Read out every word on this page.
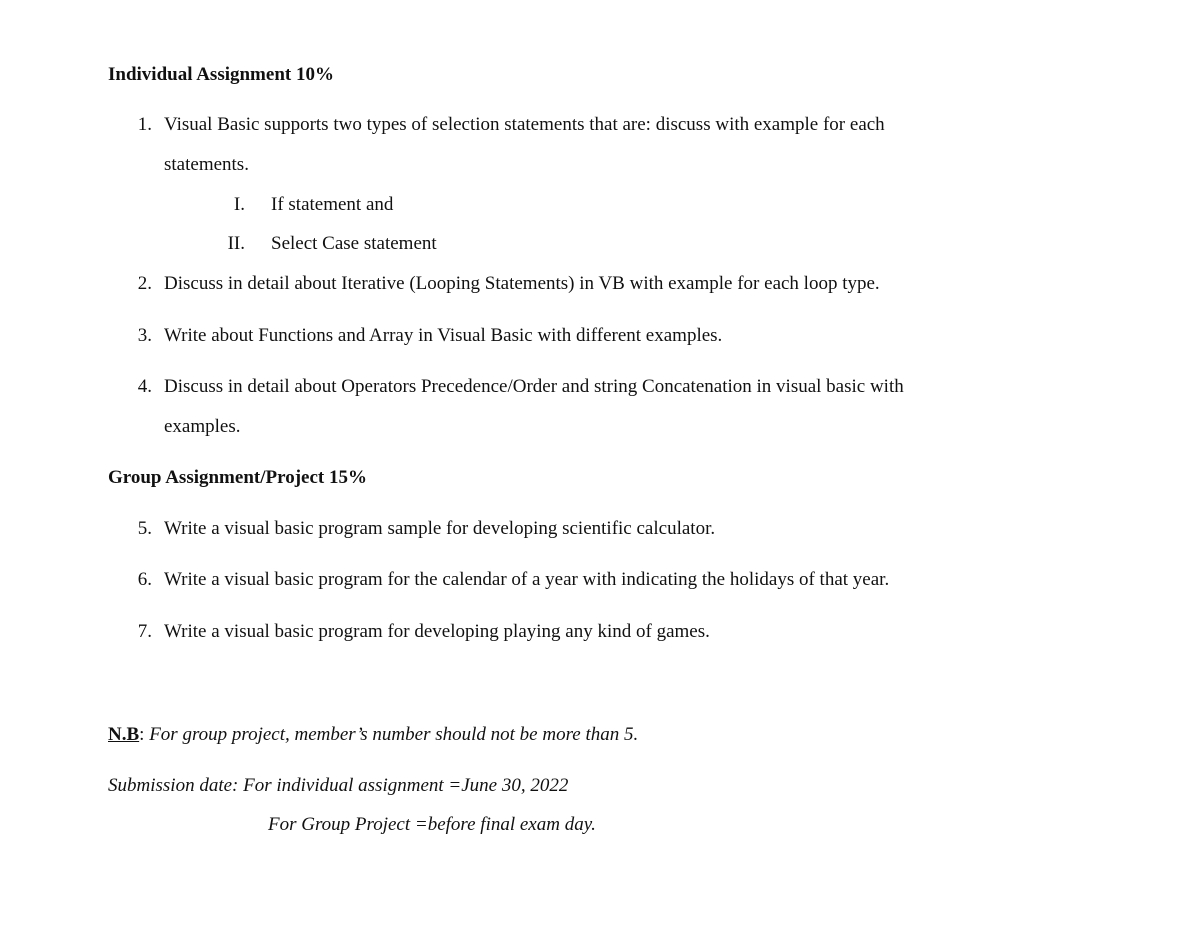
Individual Assignment 10%
1. Visual Basic supports two types of selection statements that are: discuss with example for each
statements.
I. If statement and
II. Select Case statement
2. Discuss in detail about Iterative (Looping Statements) in VB with example for each loop type.
3. Write about Functions and Array in Visual Basic with different examples.
4. Discuss in detail about Operators Precedence/Order and string Concatenation in visual basic with
examples.
Group Assignment/Project 15%
5. Write a visual basic program sample for developing scientific calculator.
6. Write a visual basic program for the calendar of a year with indicating the holidays of that year.
7. Write a visual basic program for developing playing any kind of games.
N.B: For group project, member’s number should not be more than 5.
Submission date: For individual assignment =June 30, 2022
For Group Project =before final exam day.
